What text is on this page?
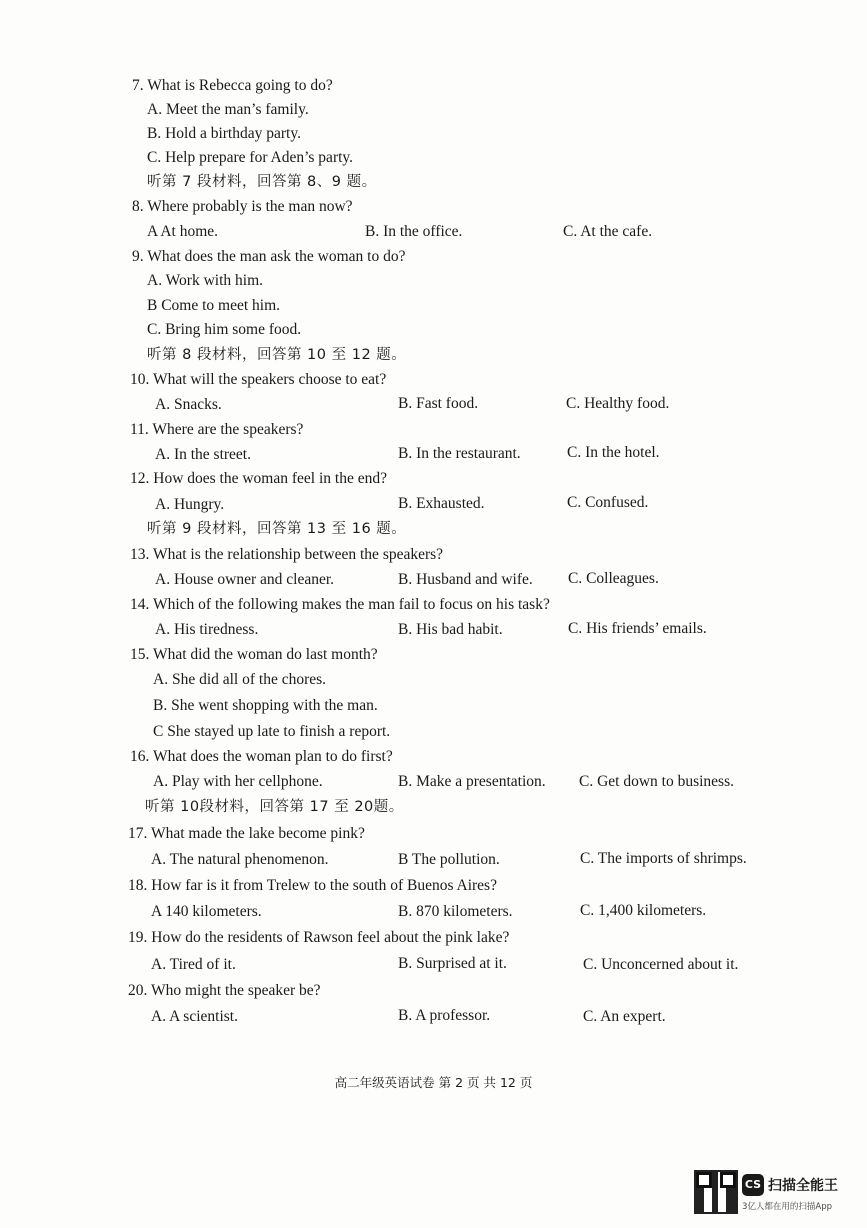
7. What is Rebecca going to do?
A. Meet the man’s family.
B. Hold a birthday party.
C. Help prepare for Aden’s party.
听第 7 段材料，回答第 8、9 题。
8. Where probably is the man now?
A At home.	B. In the office.	C. At the cafe.
9. What does the man ask the woman to do?
A. Work with him.
B Come to meet him.
C. Bring him some food.
听第 8 段材料，回答第 10 至 12 题。
10. What will the speakers choose to eat?
A. Snacks.	B. Fast food.	C. Healthy food.
11. Where are the speakers?
A. In the street.	B. In the restaurant.	C. In the hotel.
12. How does the woman feel in the end?
A. Hungry.	B. Exhausted.	C. Confused.
听第 9 段材料，回答第 13 至 16 题。
13. What is the relationship between the speakers?
A. House owner and cleaner.	B. Husband and wife. C. Colleagues.
14. Which of the following makes the man fail to focus on his task?
A. His tiredness.	B. His bad habit.	C. His friends’ emails.
15. What did the woman do last month?
A. She did all of the chores.
B. She went shopping with the man.
C She stayed up late to finish a report.
16. What does the woman plan to do first?
A. Play with her cellphone.	B. Make a presentation. C. Get down to business.
听第 10段材料，回答第 17 至 20题。
17. What made the lake become pink?
A. The natural phenomenon.	B The pollution.	C. The imports of shrimps.
18. How far is it from Trelew to the south of Buenos Aires?
A 140 kilometers.	B. 870 kilometers.	C. 1,400 kilometers.
19. How do the residents of Rawson feel about the pink lake?
A. Tired of it.	B. Surprised at it.	C. Unconcerned about it.
20. Who might the speaker be?
A. A scientist.	B. A professor.	C. An expert.
高二年级英语试卷 第 2 页 共 12 页
CS 扫描全能王
3亿人都在用的扫描App
